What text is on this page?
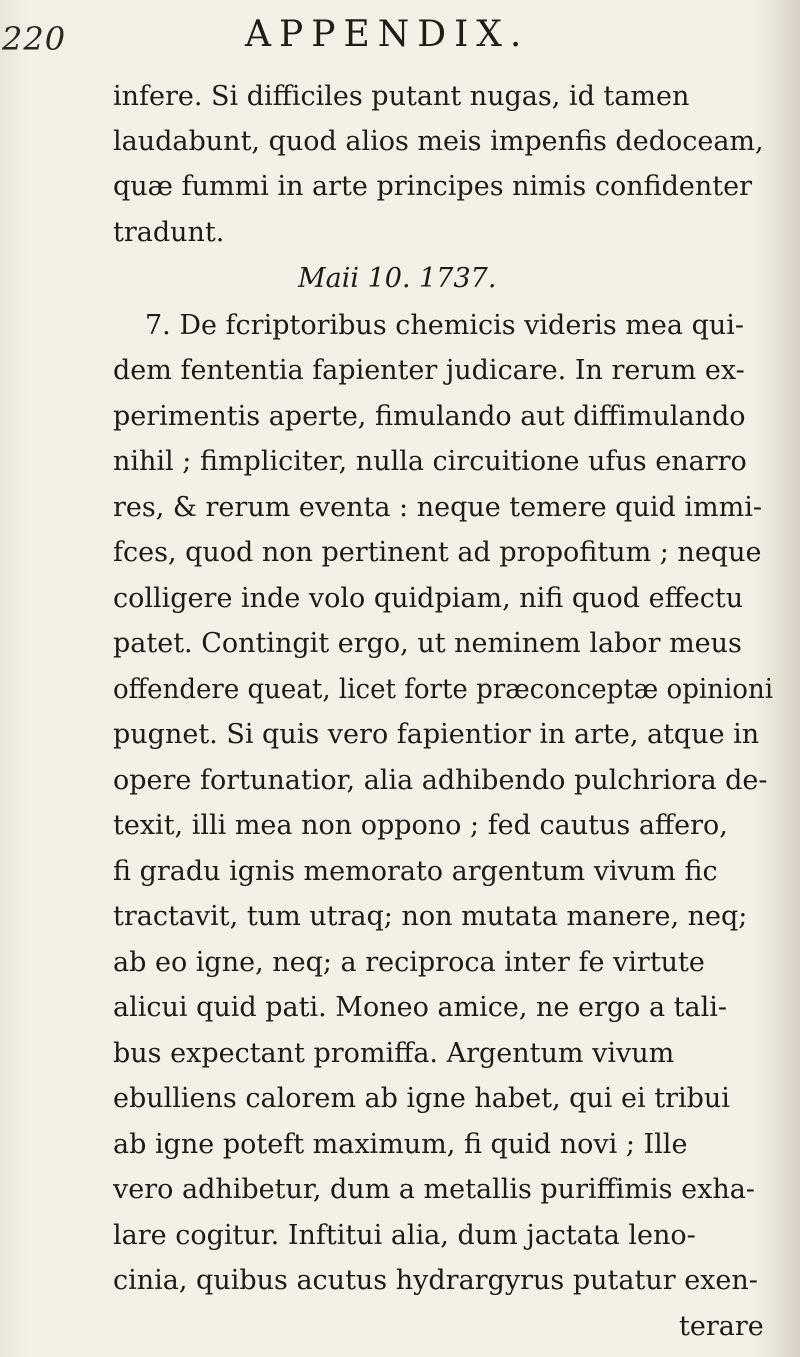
220	APPENDIX.
infere. Si difficiles putant nugas, id tamen
laudabunt, quod alios meis impenfis dedoceam,
quæ fummi in arte principes nimis confidenter
tradunt.
Maii 10. 1737.
7. De fcriptoribus chemicis videris mea qui-
dem fententia fapienter judicare. In rerum ex-
perimentis aperte, fimulando aut diffimulando
nihil ; fimpliciter, nulla circuitione ufus enarro
res, & rerum eventa : neque temere quid immi-
fces, quod non pertinent ad propofitum ; neque
colligere inde volo quidpiam, nifi quod effectu
patet. Contingit ergo, ut neminem labor meus
offendere queat, licet forte præconceptæ opinioni
pugnet. Si quis vero fapientior in arte, atque in
opere fortunatior, alia adhibendo pulchriora de-
texit, illi mea non oppono ; fed cautus affero,
fi gradu ignis memorato argentum vivum fic
tractavit, tum utraq; non mutata manere, neq;
ab eo igne, neq; a reciproca inter fe virtute
alicui quid pati. Moneo amice, ne ergo a tali-
bus expectant promiffa. Argentum vivum
ebulliens calorem ab igne habet, qui ei tribui
ab igne poteft maximum, fi quid novi ; Ille
vero adhibetur, dum a metallis puriffimis exha-
lare cogitur. Inftitui alia, dum jactata leno-
cinia, quibus acutus hydrargyrus putatur exen-
terare
